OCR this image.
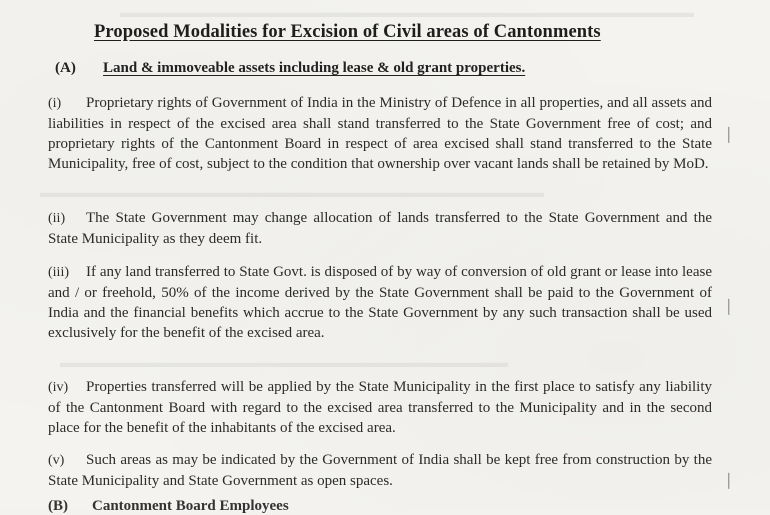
▬▬▬▬▬▬▬▬▬▬▬▬▬▬▬▬▬▬▬▬▬▬▬▬▬▬▬▬▬▬▬▬▬▬▬▬▬▬▬▬▬
▬▬▬▬▬▬▬▬▬▬▬▬▬▬▬▬▬▬▬▬▬▬▬▬▬▬▬▬▬▬▬▬▬▬▬▬
▬▬▬▬▬▬▬▬▬▬▬▬▬▬▬▬▬▬▬▬▬▬▬▬▬▬▬▬▬▬▬▬
Proposed Modalities for Excision of Civil areas of Cantonments
(A) Land & immoveable assets including lease & old grant properties.
(i) Proprietary rights of Government of India in the Ministry of Defence in all properties, and all assets and liabilities in respect of the excised area shall stand transferred to the State Government free of cost; and proprietary rights of the Cantonment Board in respect of area excised shall stand transferred to the State Municipality, free of cost, subject to the condition that ownership over vacant lands shall be retained by MoD.
(ii) The State Government may change allocation of lands transferred to the State Government and the State Municipality as they deem fit.
(iii) If any land transferred to State Govt. is disposed of by way of conversion of old grant or lease into lease and / or freehold, 50% of the income derived by the State Government shall be paid to the Government of India and the financial benefits which accrue to the State Government by any such transaction shall be used exclusively for the benefit of the excised area.
(iv) Properties transferred will be applied by the State Municipality in the first place to satisfy any liability of the Cantonment Board with regard to the excised area transferred to the Municipality and in the second place for the benefit of the inhabitants of the excised area.
(v) Such areas as may be indicated by the Government of India shall be kept free from construction by the State Municipality and State Government as open spaces.
(B) Cantonment Board Employees
❘
❘
❘
